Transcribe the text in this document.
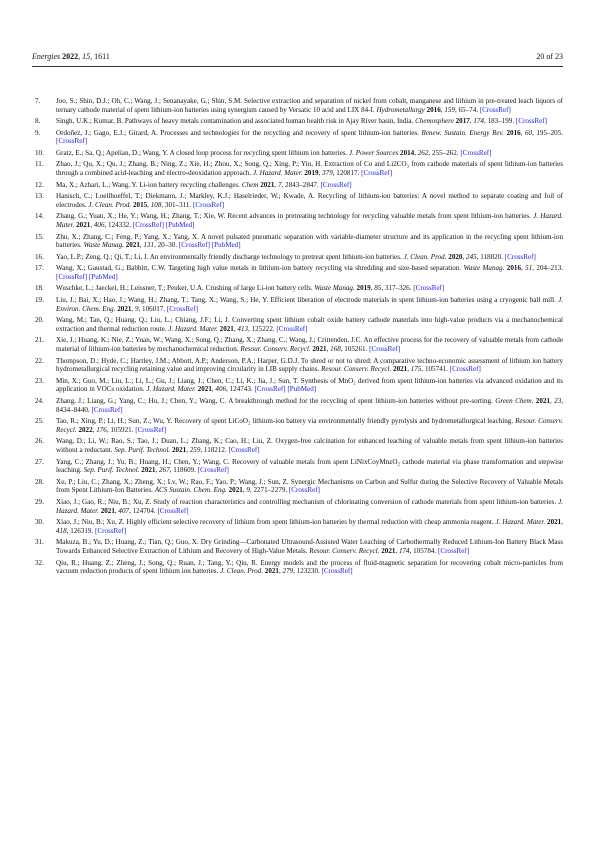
Energies 2022, 15, 1611	20 of 23
7. Joo, S.; Shin, D.J.; Oh, C.; Wang, J.; Senanayake, G.; Shin, S.M. Selective extraction and separation of nickel from cobalt, manganese and lithium in pre-treated leach liquors of ternary cathode material of spent lithium-ion batteries using synergism caused by Versatic 10 acid and LIX 84-I. Hydrometallurgy 2016, 159, 65–74. [CrossRef]
8. Singh, U.K.; Kumar, B. Pathways of heavy metals contamination and associated human health risk in Ajay River basin, India. Chemosphere 2017, 174, 183–199. [CrossRef]
9. Ordoñez, J.; Gago, E.J.; Girard, A. Processes and technologies for the recycling and recovery of spent lithium-ion batteries. Renew. Sustain. Energy Rev. 2016, 60, 195–205. [CrossRef]
10. Gratz, E.; Sa, Q.; Apelian, D.; Wang, Y. A closed loop process for recycling spent lithium ion batteries. J. Power Sources 2014, 262, 255–262. [CrossRef]
11. Zhao, J.; Qu, X.; Qu, J.; Zhang, B.; Ning, Z.; Xie, H.; Zhou, X.; Song, Q.; Xing, P.; Yin, H. Extraction of Co and Li2CO₃ from cathode materials of spent lithium-ion batteries through a combined acid-leaching and electro-deoxidation approach. J. Hazard. Mater. 2019, 379, 120817. [CrossRef]
12. Ma, X.; Azhari, L.; Wang, Y. Li-ion battery recycling challenges. Chem 2021, 7, 2843–2847. [CrossRef]
13. Hanisch, C.; Loellhoeffel, T.; Diekmann, J.; Markley, K.J.; Haselrieder, W.; Kwade, A. Recycling of lithium-ion batteries: A novel method to separate coating and foil of electrodes. J. Clean. Prod. 2015, 108, 301–311. [CrossRef]
14. Zhang, G.; Yuan, X.; He, Y.; Wang, H.; Zhang, T.; Xie, W. Recent advances in pretreating technology for recycling valuable metals from spent lithium-ion batteries. J. Hazard. Mater. 2021, 406, 124332. [CrossRef] [PubMed]
15. Zhu, X.; Zhang, C.; Feng, P.; Yang, X.; Yang, X. A novel pulsated pneumatic separation with variable-diameter structure and its application in the recycling spent lithium-ion batteries. Waste Manag. 2021, 131, 20–30. [CrossRef] [PubMed]
16. Yao, L.P.; Zeng, Q.; Qi, T.; Li, J. An environmentally friendly discharge technology to pretreat spent lithium-ion batteries. J. Clean. Prod. 2020, 245, 118820. [CrossRef]
17. Wang, X.; Gaustad, G.; Babbitt, C.W. Targeting high value metals in lithium-ion battery recycling via shredding and size-based separation. Waste Manag. 2016, 51, 204–213. [CrossRef] [PubMed]
18. Wuschke, L.; Jaeckel, H.; Leissner, T.; Peuker, U.A. Crushing of large Li-ion battery cells. Waste Manag. 2019, 85, 317–326. [CrossRef]
19. Liu, J.; Bai, X.; Hao, J.; Wang, H.; Zhang, T.; Tang, X.; Wang, S.; He, Y. Efficient liberation of electrode materials in spent lithium-ion batteries using a cryogenic ball mill. J. Environ. Chem. Eng. 2021, 9, 106017. [CrossRef]
20. Wang, M.; Tan, Q.; Huang, Q.; Liu, L.; Chiang, J.F.; Li, J. Converting spent lithium cobalt oxide battery cathode materials into high-value products via a mechanochemical extraction and thermal reduction route. J. Hazard. Mater. 2021, 413, 125222. [CrossRef]
21. Xie, J.; Huang, K.; Nie, Z.; Yuan, W.; Wang, X.; Song, Q.; Zhang, X.; Zhang, C.; Wang, J.; Crittenden, J.C. An effective process for the recovery of valuable metals from cathode material of lithium-ion batteries by mechanochemical reduction. Resour. Conserv. Recycl. 2021, 168, 105261. [CrossRef]
22. Thompson, D.; Hyde, C.; Hartley, J.M.; Abbott, A.P.; Anderson, P.A.; Harper, G.D.J. To shred or not to shred: A comparative techno-economic assessment of lithium ion battery hydrometallurgical recycling retaining value and improving circularity in LIB supply chains. Resour. Conserv. Recycl. 2021, 175, 105741. [CrossRef]
23. Min, X.; Guo, M.; Liu, L.; Li, L.; Gu, J.; Liang, J.; Chen, C.; Li, K.; Jia, J.; Sun, T. Synthesis of MnO₂ derived from spent lithium-ion batteries via advanced oxidation and its application in VOCs oxidation. J. Hazard. Mater. 2021, 406, 124743. [CrossRef] [PubMed]
24. Zhang, J.; Liang, G.; Yang, C.; Hu, J.; Chen, Y.; Wang, C. A breakthrough method for the recycling of spent lithium-ion batteries without pre-sorting. Green Chem. 2021, 23, 8434–8440. [CrossRef]
25. Tao, R.; Xing, P.; Li, H.; Sun, Z.; Wu, Y. Recovery of spent LiCoO₂ lithium-ion battery via environmentally friendly pyrolysis and hydrometallurgical leaching. Resour. Conserv. Recycl. 2022, 176, 105921. [CrossRef]
26. Wang, D.; Li, W.; Rao, S.; Tao, J.; Duan, L.; Zhang, K.; Cao, H.; Liu, Z. Oxygen-free calcination for enhanced leaching of valuable metals from spent lithium-ion batteries without a reductant. Sep. Purif. Technol. 2021, 259, 118212. [CrossRef]
27. Yang, C.; Zhang, J.; Yu, B.; Huang, H.; Chen, Y.; Wang, C. Recovery of valuable metals from spent LiNixCoyMnzO₂ cathode material via phase transformation and stepwise leaching. Sep. Purif. Technol. 2021, 267, 118609. [CrossRef]
28. Xu, P.; Liu, C.; Zhang, X.; Zheng, X.; Lv, W.; Rao, F.; Yao, P.; Wang, J.; Sun, Z. Synergic Mechanisms on Carbon and Sulfur during the Selective Recovery of Valuable Metals from Spent Lithium-Ion Batteries. ACS Sustain. Chem. Eng. 2021, 9, 2271–2279. [CrossRef]
29. Xiao, J.; Gao, R.; Niu, B.; Xu, Z. Study of reaction characteristics and controlling mechanism of chlorinating conversion of cathode materials from spent lithium-ion batteries. J. Hazard. Mater. 2021, 407, 124704. [CrossRef]
30. Xiao, J.; Niu, B.; Xu, Z. Highly efficient selective recovery of lithium from spent lithium-ion batteries by thermal reduction with cheap ammonia reagent. J. Hazard. Mater. 2021, 418, 126319. [CrossRef]
31. Makuza, B.; Yu, D.; Huang, Z.; Tian, Q.; Guo, X. Dry Grinding—Carbonated Ultrasound-Assisted Water Leaching of Carbothermally Reduced Lithium-Ion Battery Black Mass Towards Enhanced Selective Extraction of Lithium and Recovery of High-Value Metals. Resour. Conserv. Recycl. 2021, 174, 105784. [CrossRef]
32. Qiu, R.; Huang, Z.; Zheng, J.; Song, Q.; Ruan, J.; Tang, Y.; Qiu, R. Energy models and the process of fluid-magnetic separation for recovering cobalt micro-particles from vacuum reduction products of spent lithium ion batteries. J. Clean. Prod. 2021, 279, 123230. [CrossRef]
